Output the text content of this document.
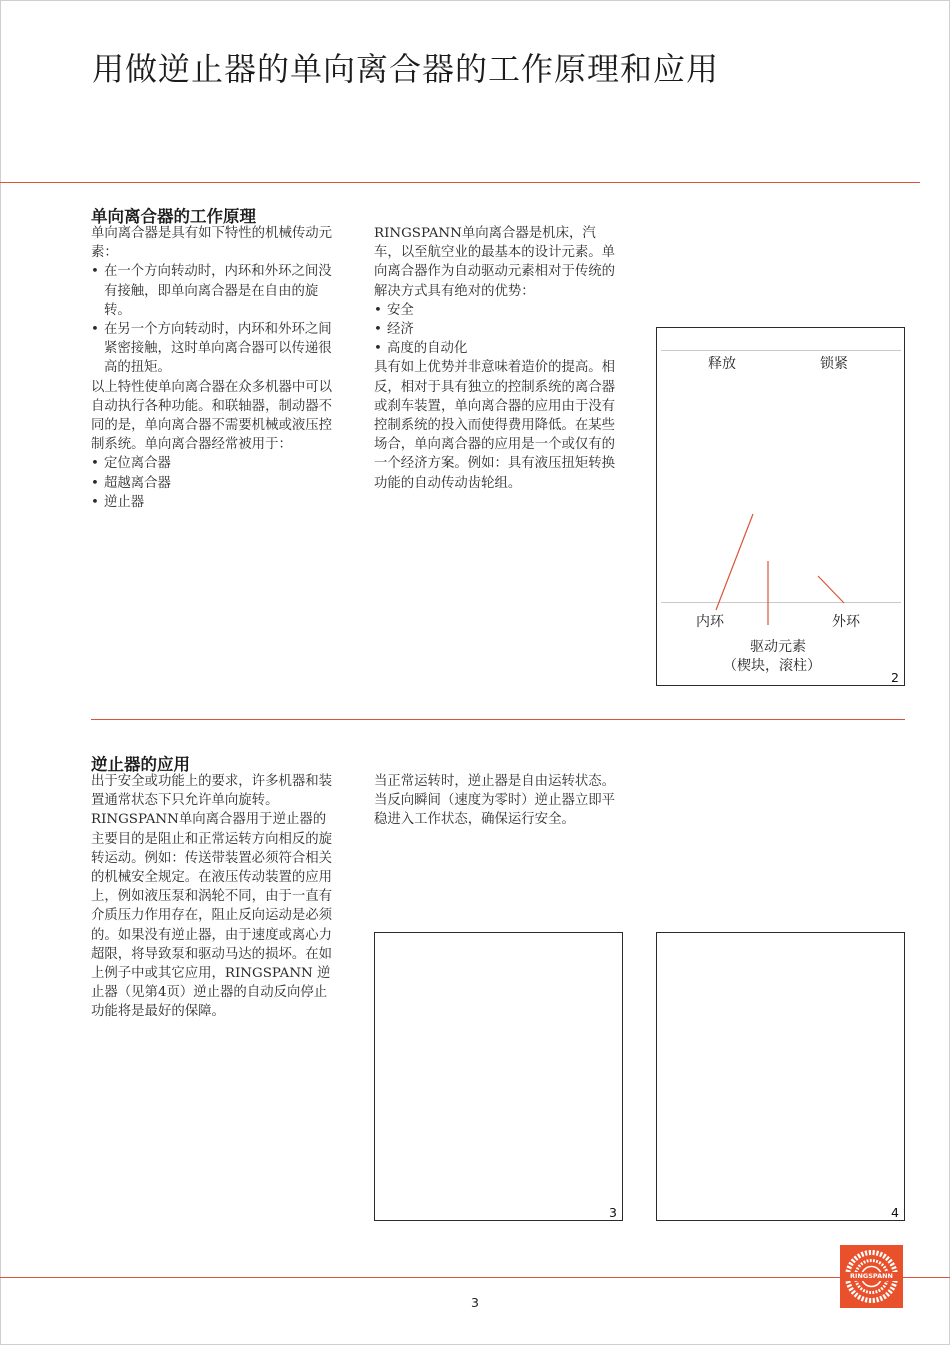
用做逆止器的单向离合器的工作原理和应用
单向离合器的工作原理

单向离合器是具有如下特性的机械传动元素：

• 在一个方向转动时，内环和外环之间没有接触，即单向离合器是在自由的旋转。
• 在另一个方向转动时，内环和外环之间紧密接触，这时单向离合器可以传递很高的扭矩。

以上特性使单向离合器在众多机器中可以自动执行各种功能。和联轴器，制动器不同的是，单向离合器不需要机械或液压控制系统。单向离合器经常被用于：

• 定位离合器
• 超越离合器
• 逆止器

RINGSPANN单向离合器是机床，汽车，以至航空业的最基本的设计元素。单向离合器作为自动驱动元素相对于传统的解决方式具有绝对的优势：

• 安全
• 经济
• 高度的自动化

具有如上优势并非意味着造价的提高。相反，相对于具有独立的控制系统的离合器或刹车装置，单向离合器的应用由于没有控制系统的投入而使得费用降低。在某些场合，单向离合器的应用是一个或仅有的一个经济方案。例如：具有液压扭矩转换功能的自动传动齿轮组。

释放	锁紧
内环	外环
驱动元素
（楔块，滚柱）
2
逆止器的应用
出于安全或功能上的要求，许多机器和装置通常状态下只允许单向旋转。RINGSPANN单向离合器用于逆止器的主要目的是阻止和正常运转方向相反的旋转运动。例如：传送带装置必须符合相关的机械安全规定。在液压传动装置的应用上，例如液压泵和涡轮不同，由于一直有介质压力作用存在，阻止反向运动是必须的。如果没有逆止器，由于速度或离心力超限，将导致泵和驱动马达的损坏。在如上例子中或其它应用，RINGSPANN 逆止器（见第4页）逆止器的自动反向停止功能将是最好的保障。
当正常运转时，逆止器是自由运转状态。当反向瞬间（速度为零时）逆止器立即平稳进入工作状态，确保运行安全。
3	4
RINGSPANN
3
